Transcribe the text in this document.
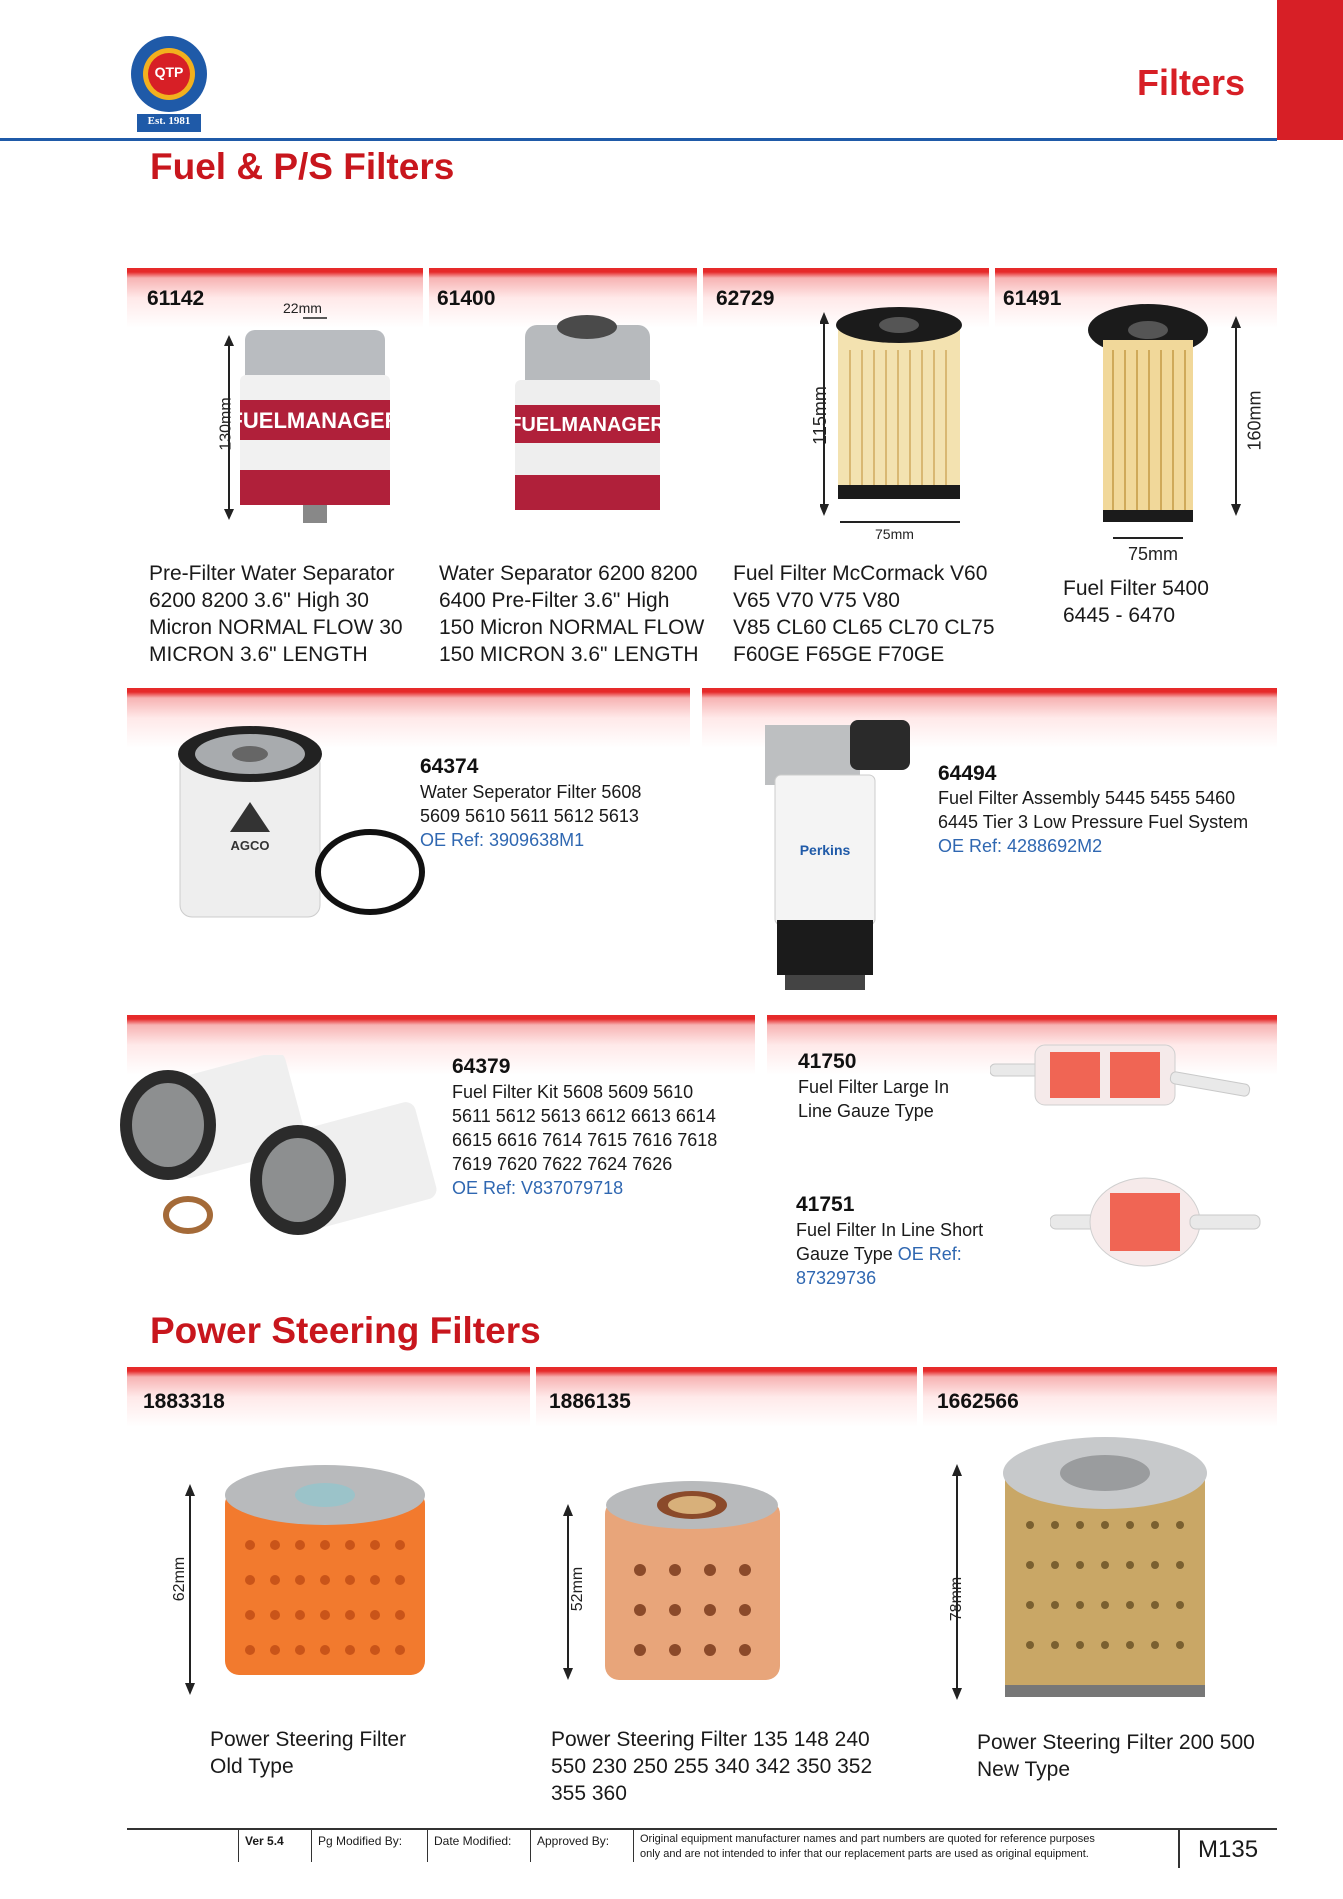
QTP
Est. 1981
Filters
Fuel & P/S Filters
61142	61400	62729	61491
FUELMANAGER
22mm
130mm	FUELMANAGER
75mm
115mm
75mm
160mm
Pre-Filter Water Separator
6200 8200 3.6" High 30
Micron NORMAL FLOW 30
MICRON 3.6" LENGTH
Water Separator 6200 8200
6400 Pre-Filter 3.6" High
150 Micron NORMAL FLOW
150 MICRON 3.6" LENGTH
Fuel Filter McCormack V60
V65 V70 V75 V80
V85 CL60 CL65 CL70 CL75
F60GE F65GE F70GE
Fuel Filter 5400
6445 - 6470
AGCO
64374
Water Seperator Filter 5608
5609 5610 5611 5612 5613
OE Ref: 3909638M1	Perkins
64494
Fuel Filter Assembly 5445 5455 5460
6445 Tier 3 Low Pressure Fuel System
OE Ref: 4288692M2
64379
Fuel Filter Kit 5608 5609 5610
5611 5612 5613 6612 6613 6614
6615 6616 7614 7615 7616 7618
7619 7620 7622 7624 7626
OE Ref: V837079718
41750
Fuel Filter Large In
Line Gauze Type
41751
Fuel Filter In Line Short
Gauze Type OE Ref:
87329736
Power Steering Filters
1883318	1886135	1662566
62mm	52mm	78mm
Power Steering Filter
Old Type
Power Steering Filter 135 148 240
550 230 250 255 340 342 350 352
355 360
Power Steering Filter 200 500
New Type
Ver 5.4	Pg Modified By:	Date Modified:	Approved By:	Original equipment manufacturer names and part numbers are quoted for reference purposes
only and are not intended to infer that our replacement parts are used as original equipment.	M135
